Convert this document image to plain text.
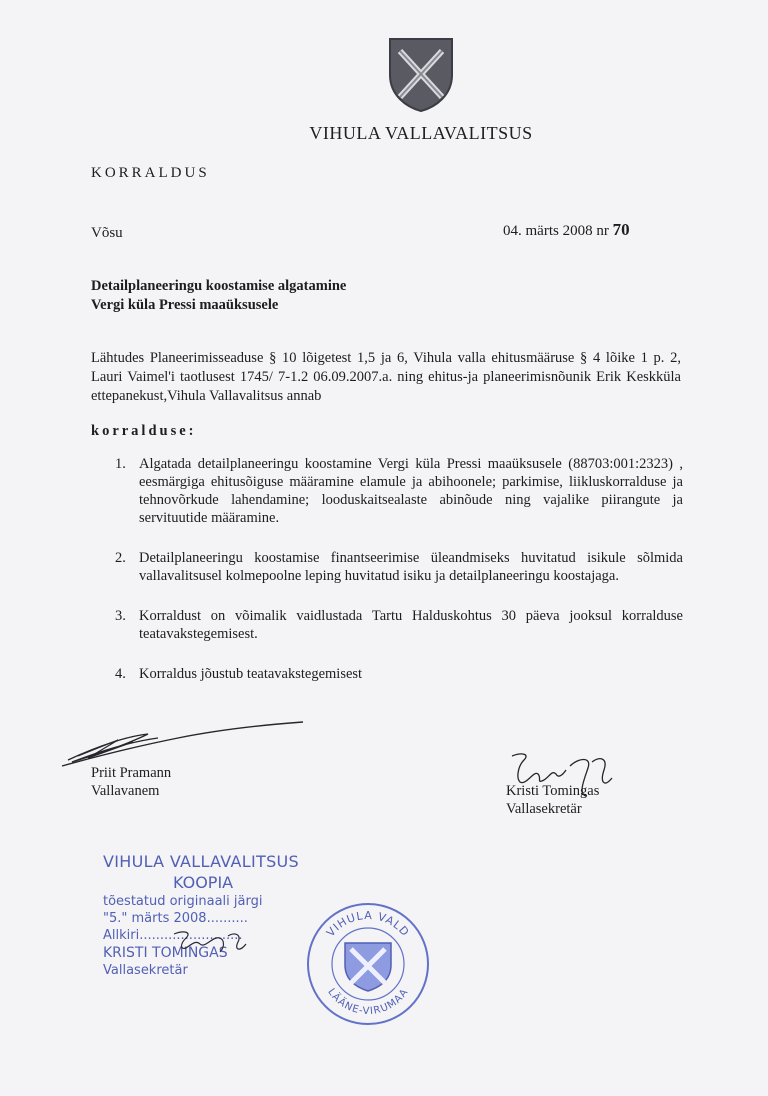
VIHULA VALLAVALITSUS
KORRALDUS
Võsu	04. märts 2008 nr 70
Detailplaneeringu koostamise algatamine
Vergi küla Pressi maaüksusele
Lähtudes Planeerimisseaduse § 10 lõigetest 1,5 ja 6, Vihula valla ehitusmääruse § 4 lõike 1 p. 2, Lauri Vaimel'i taotlusest 1745/ 7-1.2 06.09.2007.a. ning ehitus-ja planeerimisnõunik Erik Keskküla ettepanekust,Vihula Vallavalitsus annab
korralduse:
1. Algatada detailplaneeringu koostamine Vergi küla Pressi maaüksusele (88703:001:2323) , eesmärgiga ehitusõiguse määramine elamule ja abihoonele; parkimise, liikluskorralduse ja tehnovõrkude lahendamine; looduskaitsealaste abinõude ning vajalike piirangute ja servituutide määramine.
2. Detailplaneeringu koostamise finantseerimise üleandmiseks huvitatud isikule sõlmida vallavalitsusel kolmepoolne leping huvitatud isiku ja detailplaneeringu koostajaga.
3. Korraldust on võimalik vaidlustada Tartu Halduskohtus 30 päeva jooksul korralduse teatavakstegemisest.
4. Korraldus jõustub teatavakstegemisest
Priit Pramann
Vallavanem	Kristi Tomingas
Vallasekretär
VIHULA VALLAVALITSUS
KOOPIA
tõestatud originaali järgi
"5." märts 2008..........
Allkiri.........................
KRISTI TOMINGAS
Vallasekretär
VIHULA VALD
LÄÄNE-VIRUMAA
